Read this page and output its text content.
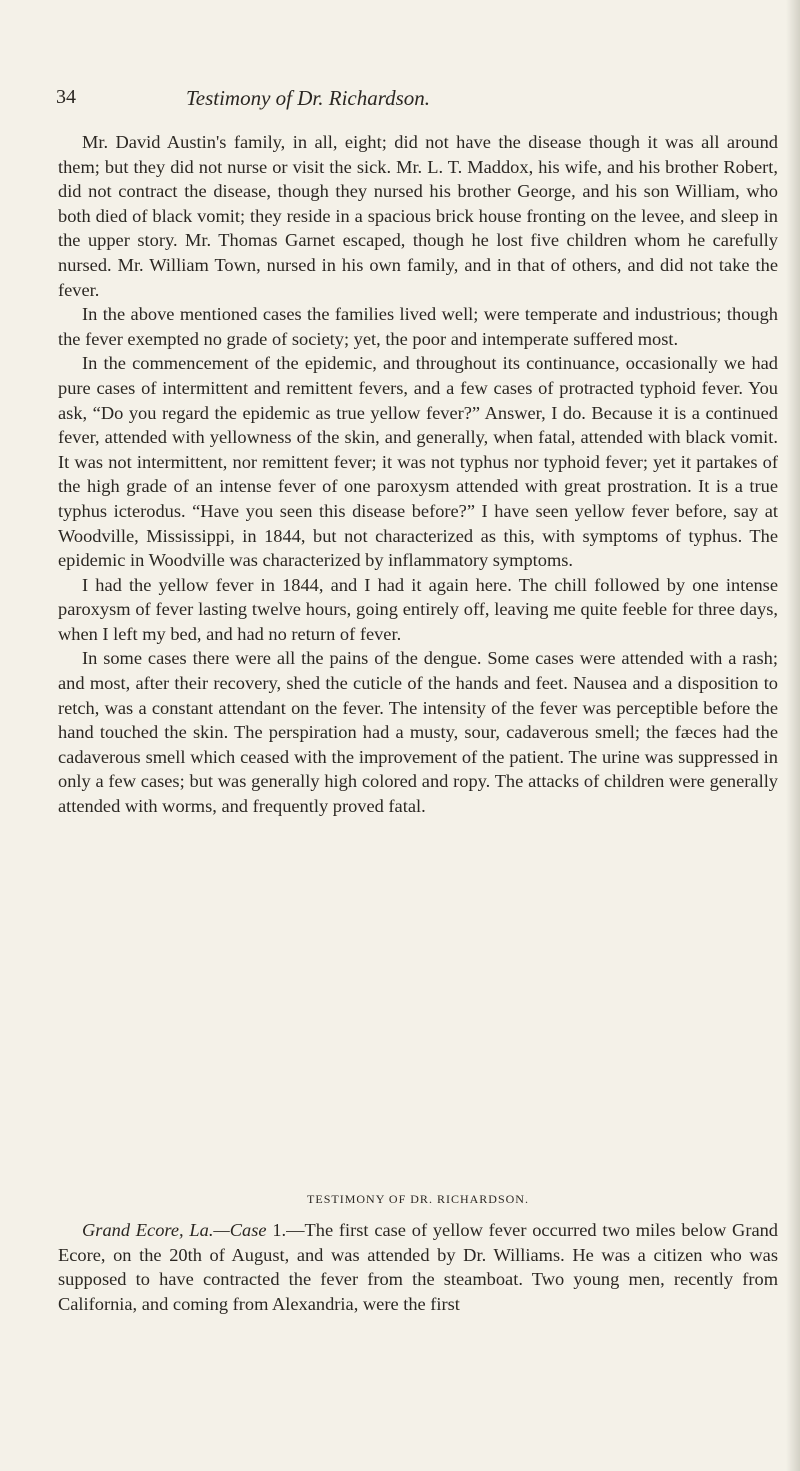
34	Testimony of Dr. Richardson.

Mr. David Austin's family, in all, eight; did not have the disease though it was all around them; but they did not nurse or visit the sick. Mr. L. T. Maddox, his wife, and his brother Robert, did not contract the disease, though they nursed his brother George, and his son William, who both died of black vomit; they reside in a spacious brick house fronting on the levee, and sleep in the upper story. Mr. Thomas Garnet escaped, though he lost five children whom he carefully nursed. Mr. William Town, nursed in his own family, and in that of others, and did not take the fever.

In the above mentioned cases the families lived well; were temperate and industrious; though the fever exempted no grade of society; yet, the poor and intemperate suffered most.

In the commencement of the epidemic, and throughout its continuance, occasionally we had pure cases of intermittent and remittent fevers, and a few cases of protracted typhoid fever. You ask, “Do you regard the epidemic as true yellow fever?” Answer, I do. Because it is a continued fever, attended with yellowness of the skin, and generally, when fatal, attended with black vomit. It was not intermittent, nor remittent fever; it was not typhus nor typhoid fever; yet it partakes of the high grade of an intense fever of one paroxysm attended with great prostration. It is a true typhus icterodus. “Have you seen this disease before?” I have seen yellow fever before, say at Woodville, Mississippi, in 1844, but not characterized as this, with symptoms of typhus. The epidemic in Woodville was characterized by inflammatory symptoms.

I had the yellow fever in 1844, and I had it again here. The chill followed by one intense paroxysm of fever lasting twelve hours, going entirely off, leaving me quite feeble for three days, when I left my bed, and had no return of fever.

In some cases there were all the pains of the dengue. Some cases were attended with a rash; and most, after their recovery, shed the cuticle of the hands and feet. Nausea and a disposition to retch, was a constant attendant on the fever. The intensity of the fever was perceptible before the hand touched the skin. The perspiration had a musty, sour, cadaverous smell; the fæces had the cadaverous smell which ceased with the improvement of the patient. The urine was suppressed in only a few cases; but was generally high colored and ropy. The attacks of children were generally attended with worms, and frequently proved fatal.

TESTIMONY OF DR. RICHARDSON.

Grand Ecore, La.—Case 1.—The first case of yellow fever occurred two miles below Grand Ecore, on the 20th of August, and was attended by Dr. Williams. He was a citizen who was supposed to have contracted the fever from the steamboat. Two young men, recently from California, and coming from Alexandria, were the first
